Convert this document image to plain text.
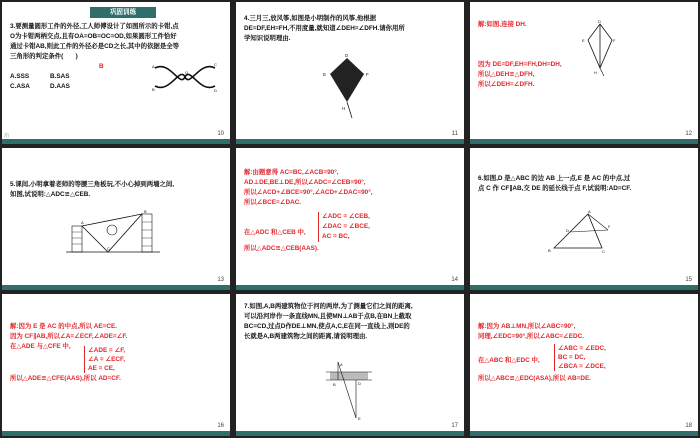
巩固训练
3.要测量圆形工件的外径,工人师傅设计了如图所示的卡钳,点
O为卡钳两柄交点,且有OA=OB=OC=OD,如果圆形工件恰好
通过卡钳AB,则此工件的外径必是CD之长,其中的依据是全等
三角形的判定条件(       )
B
A.SSS	B.SAS
C.ASA	D.AAS
A
B
O
C
D
冶	10
4.三月三,放风筝,如图是小明制作的风筝,他根据
DE=DF,EH=FH,不用度量,就知道∠DEH=∠DFH.请你用所
学知识说明理由.
D
E	F
H
11
解:如图,连接 DH.

因为 DE=DF,EH=FH,DH=DH,
所以△DEH≌△DFH,
所以∠DEH=∠DFH.
D
E	F
H
12
5.课间,小明拿着老师的等腰三角板玩,不小心掉到两墙之间,
如图,试说明:△ADC≌△CEB.
A
C
B
13
解:由题意得 AC=BC,∠ACB=90°,
AD⊥DE,BE⊥DE,所以∠ADC=∠CEB=90°,
所以∠ACD+∠BCE=90°,∠ACD+∠DAC=90°,
所以∠BCE=∠DAC.
在△ADC 和△CEB 中,
∠ADC = ∠CEB,
∠DAC = ∠BCE,
AC = BC,
所以△ADC≌△CEB(AAS).
14
6.如图,D 是△ABC 的边 AB 上一点,E 是 AC 的中点,过
点 C 作 CF∥AB,交 DE 的延长线于点 F,试说明:AD=CF.
A
B	C
D
F
15
解:因为 E 是 AC 的中点,所以 AE=CE.
因为 CF∥AB,所以∠A=∠ECF,∠ADE=∠F.
在△ADE 与△CFE 中,
∠ADE = ∠F,
∠A = ∠ECF,
AE = CE,
所以△ADE≌△CFE(AAS),所以 AD=CF.
16
7.如图,A,B两建筑物位于河的两岸,为了测量它们之间的距离,
可以沿河岸作一条直线MN,且使MN⊥AB于点B,在BN上截取
BC=CD,过点D作DE⊥MN,使点A,C,E在同一直线上,则DE的
长就是A,B两建筑物之间的距离,请说明理由.
A
B	D
E
17
解:因为 AB⊥MN,所以∠ABC=90°,
同理,∠EDC=90°,所以∠ABC=∠EDC.
在△ABC 和△EDC 中,
∠ABC = ∠EDC,
BC = DC,
∠BCA = ∠DCE,
所以△ABC≌△EDC(ASA),所以 AB=DE.
18
